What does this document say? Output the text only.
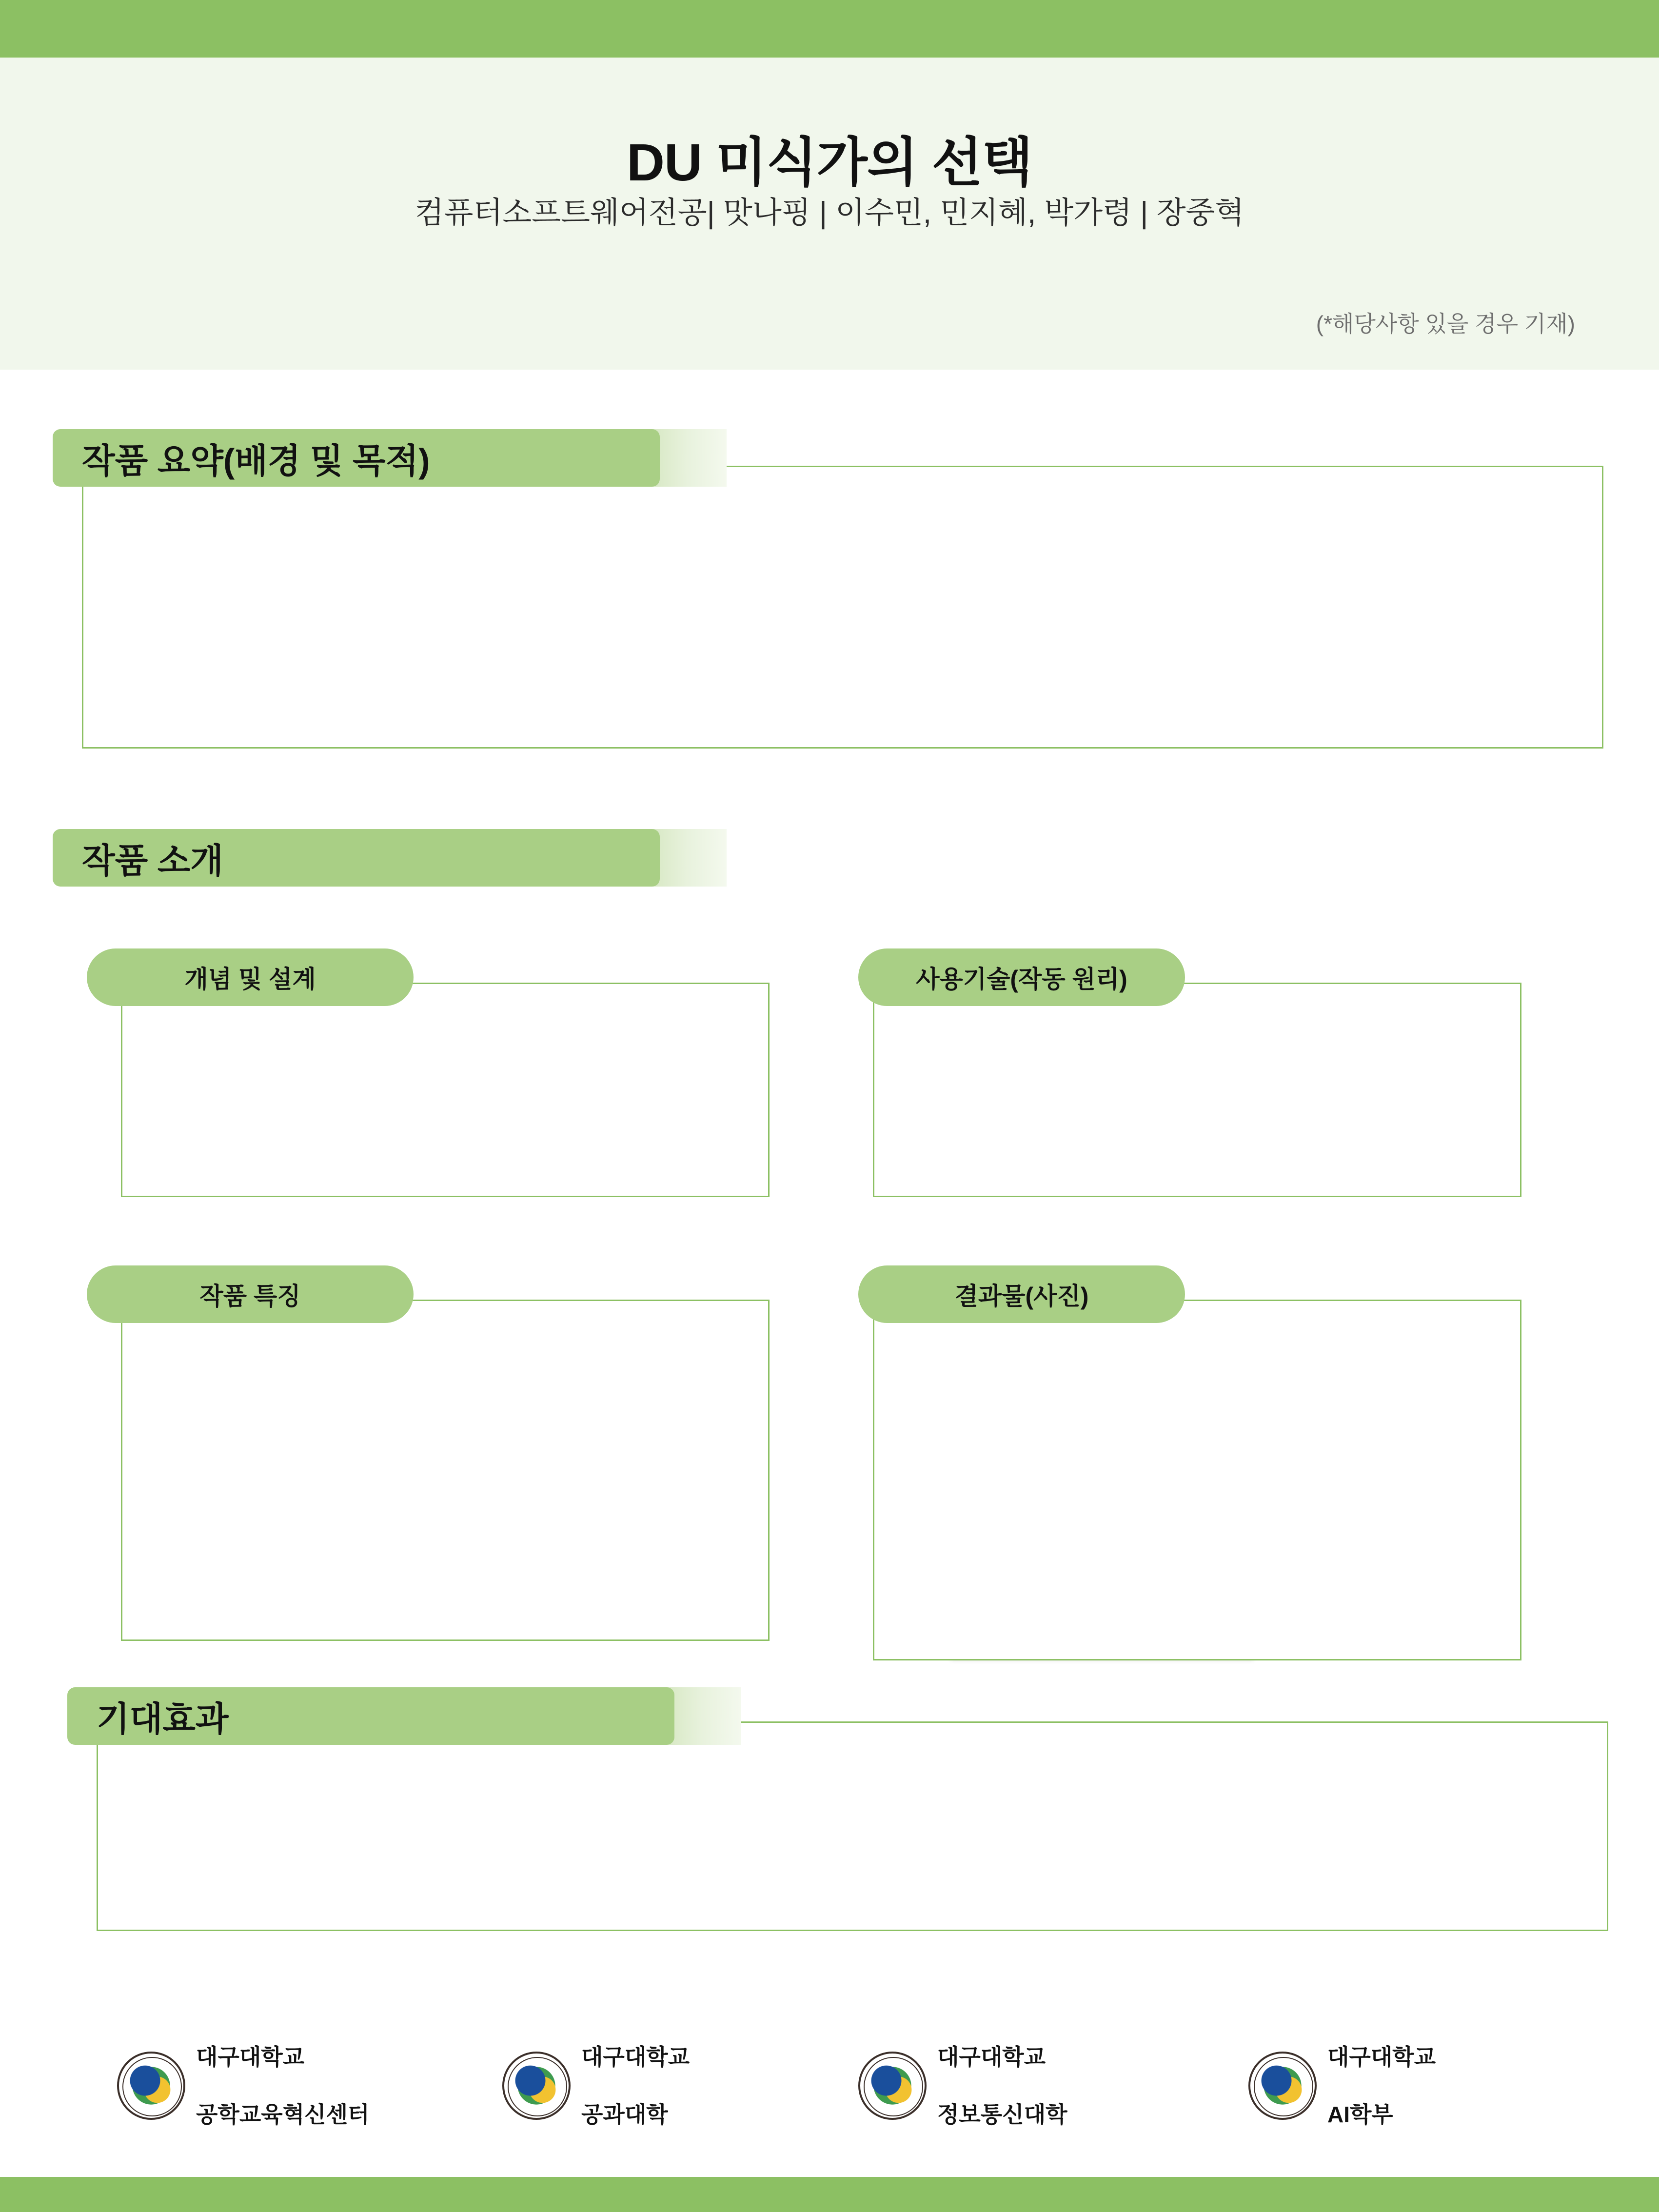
DU 미식가의 선택
컴퓨터소프트웨어전공| 맛나핑 | 이수민, 민지혜, 박가령 | 장중혁
(*해당사항 있을 경우 기재)
작품 요약(배경 및 목적)
작품 소개
개념 및 설계	사용기술(작동 원리)
작품 특징	결과물(사진)
기대효과

대구대학교

공학교육혁신센터

대구대학교

공과대학

대구대학교

정보통신대학

대구대학교

AI학부
